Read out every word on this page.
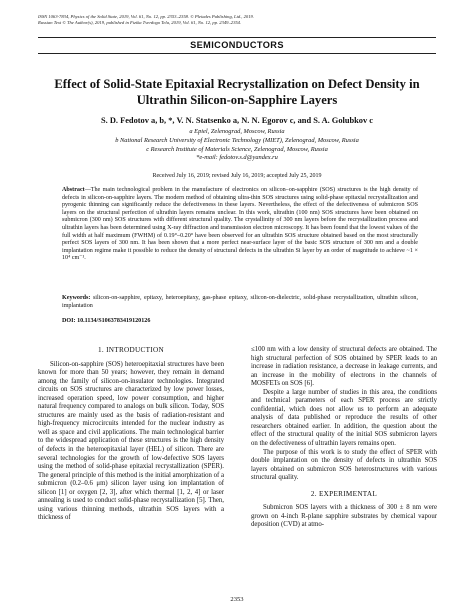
ISSN 1063-7834, Physics of the Solid State, 2019, Vol. 61, No. 12, pp. 2353–2358. © Pleiades Publishing, Ltd., 2019.
Russian Text © The Author(s), 2019, published in Fizika Tverdogo Tela, 2019, Vol. 61, No. 12, pp. 2349–2354.
SEMICONDUCTORS
Effect of Solid-State Epitaxial Recrystallization on Defect Density in Ultrathin Silicon-on-Sapphire Layers
S. D. Fedotov a, b, *, V. N. Statsenko a, N. N. Egorov c, and S. A. Golubkov c
a Epiel, Zelenograd, Moscow, Russia
b National Research University of Electronic Technology (MIET), Zelenograd, Moscow, Russia
c Research Institute of Materials Science, Zelenograd, Moscow, Russia
*e-mail: fedotov.s.d@yandex.ru
Received July 16, 2019; revised July 16, 2019; accepted July 25, 2019
Abstract—The main technological problem in the manufacture of electronics on silicon–on-sapphire (SOS) structures is the high density of defects in silicon-on-sapphire layers. The modern method of obtaining ultra-thin SOS structures using solid-phase epitaxial recrystallization and pyrogenic thinning can significantly reduce the defectiveness in these layers. Nevertheless, the effect of the defectiveness of submicron SOS layers on the structural perfection of ultrathin layers remains unclear. In this work, ultrathin (100 nm) SOS structures have been obtained on submicron (300 nm) SOS structures with different structural quality. The crystallinity of 300 nm layers before the recrystallization process and ultrathin layers has been determined using X-ray diffraction and transmission electron microscopy. It has been found that the lowest values of the full width at half maximum (FWHM) of 0.19°–0.20° have been observed for an ultrathin SOS structure obtained based on the most structurally perfect SOS layers of 300 nm. It has been shown that a more perfect near-surface layer of the basic SOS structure of 300 nm and a double implantation regime make it possible to reduce the density of structural defects in the ultrathin Si layer by an order of magnitude to achieve ~1 × 10⁴ cm⁻¹.
Keywords: silicon-on-sapphire, epitaxy, heteroepitaxy, gas-phase epitaxy, silicon-on-dielectric, solid-phase recrystallization, ultrathin silicon, implantation
DOI: 10.1134/S1063783419120126
1. INTRODUCTION

Silicon-on-sapphire (SOS) heteroepitaxial structures have been known for more than 50 years; however, they remain in demand among the family of silicon-on-insulator technologies. Integrated circuits on SOS structures are characterized by low power losses, increased operation speed, low power consumption, and higher natural frequency compared to analogs on bulk silicon. Today, SOS structures are mainly used as the basis of radiation-resistant and high-frequency microcircuits intended for the nuclear industry as well as space and civil applications. The main technological barrier to the widespread application of these structures is the high density of defects in the heteroepitaxial layer (HEL) of silicon. There are several technologies for the growth of low-defective SOS layers using the method of solid-phase epitaxial recrystallization (SPER). The general principle of this method is the initial amorphization of a submicron (0.2–0.6 μm) silicon layer using ion implantation of silicon [1] or oxygen [2, 3], after which thermal [1, 2, 4] or laser annealing is used to conduct solid-phase recrystallization [5]. Then, using various thinning methods, ultrathin SOS layers with a thickness of

≤100 nm with a low density of structural defects are obtained. The high structural perfection of SOS obtained by SPER leads to an increase in radiation resistance, a decrease in leakage currents, and an increase in the mobility of electrons in the channels of MOSFETs on SOS [6].

Despite a large number of studies in this area, the conditions and technical parameters of each SPER process are strictly confidential, which does not allow us to perform an adequate analysis of data published or reproduce the results of other researchers obtained earlier. In addition, the question about the effect of the structural quality of the initial SOS submicron layers on the defectiveness of ultrathin layers remains open.

The purpose of this work is to study the effect of SPER with double implantation on the density of defects in ultrathin SOS layers obtained on submicron SOS heterostructures with various structural quality.

2. EXPERIMENTAL

Submicron SOS layers with a thickness of 300 ± 8 nm were grown on 4-inch R-plane sapphire substrates by chemical vapour deposition (CVD) at atmo-

2353
